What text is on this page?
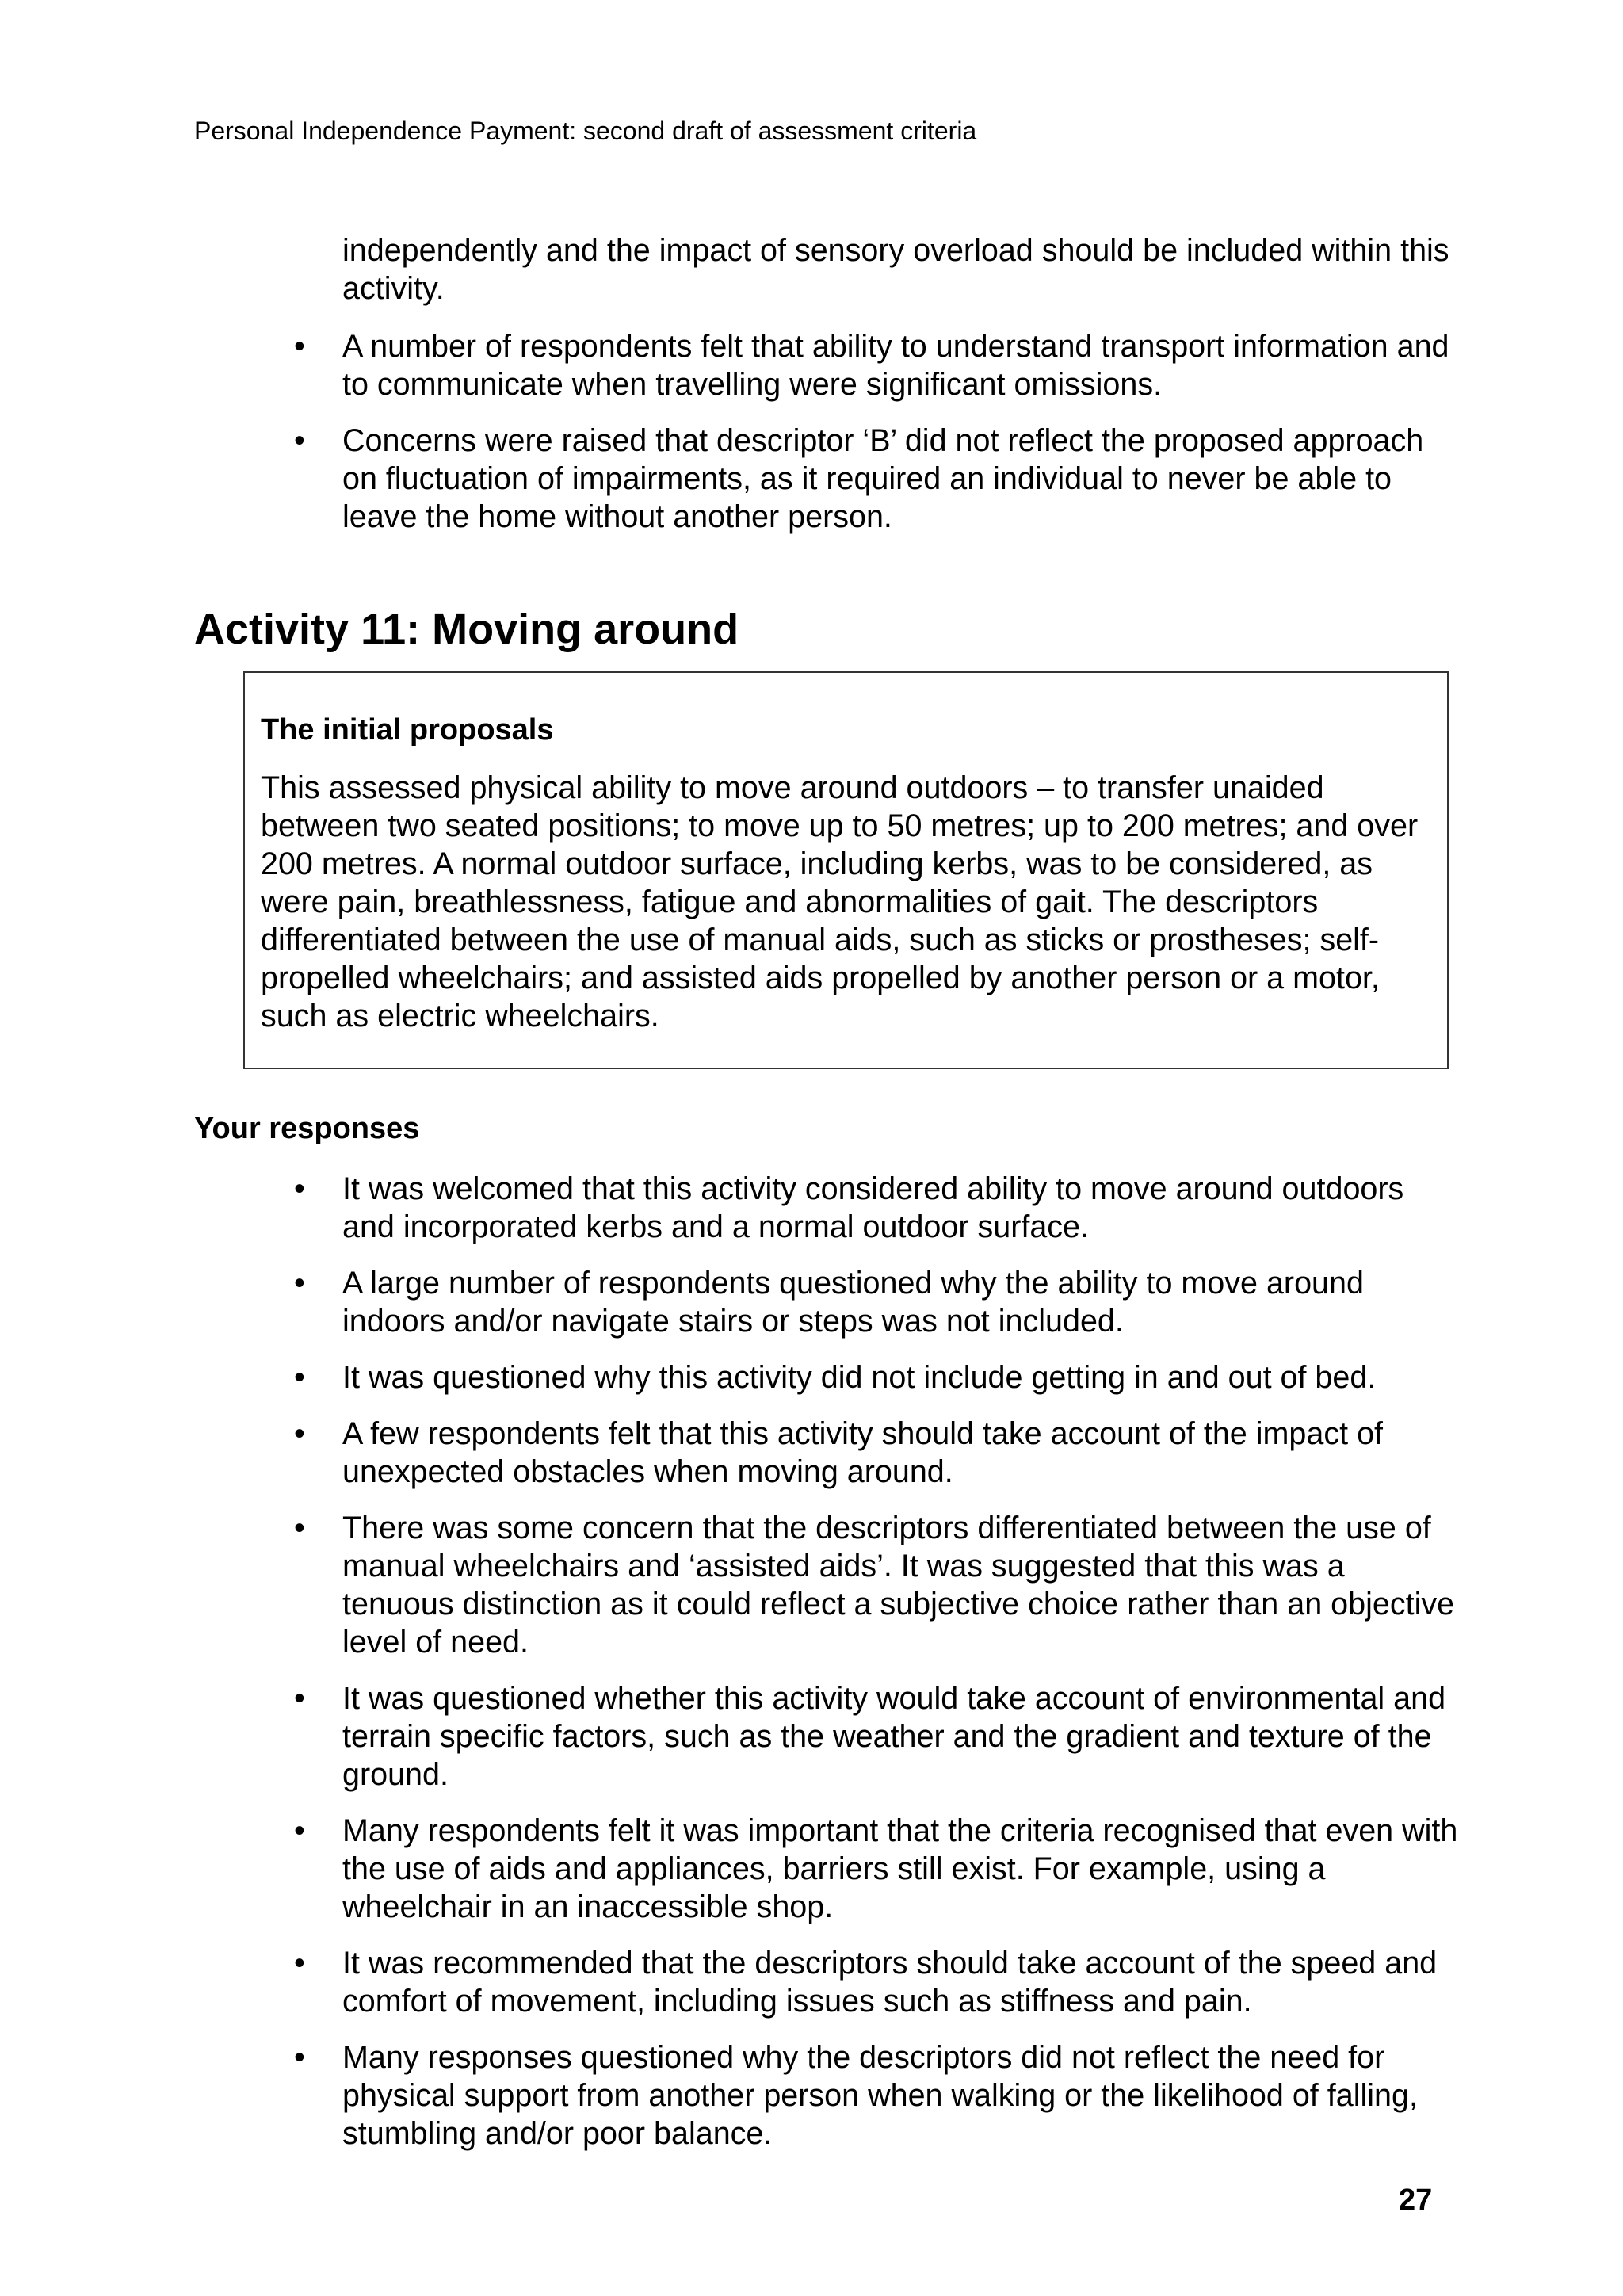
Personal Independence Payment: second draft of assessment criteria
independently and the impact of sensory overload should be included within this activity.
• A number of respondents felt that ability to understand transport information and to communicate when travelling were significant omissions.
• Concerns were raised that descriptor ‘B’ did not reflect the proposed approach on fluctuation of impairments, as it required an individual to never be able to leave the home without another person.
Activity 11: Moving around
The initial proposals
This assessed physical ability to move around outdoors – to transfer unaided between two seated positions; to move up to 50 metres; up to 200 metres; and over 200 metres. A normal outdoor surface, including kerbs, was to be considered, as were pain, breathlessness, fatigue and abnormalities of gait. The descriptors differentiated between the use of manual aids, such as sticks or prostheses; self-propelled wheelchairs; and assisted aids propelled by another person or a motor, such as electric wheelchairs.
Your responses
• It was welcomed that this activity considered ability to move around outdoors and incorporated kerbs and a normal outdoor surface.
• A large number of respondents questioned why the ability to move around indoors and/or navigate stairs or steps was not included.
• It was questioned why this activity did not include getting in and out of bed.
• A few respondents felt that this activity should take account of the impact of unexpected obstacles when moving around.
• There was some concern that the descriptors differentiated between the use of manual wheelchairs and ‘assisted aids’. It was suggested that this was a tenuous distinction as it could reflect a subjective choice rather than an objective level of need.
• It was questioned whether this activity would take account of environmental and terrain specific factors, such as the weather and the gradient and texture of the ground.
• Many respondents felt it was important that the criteria recognised that even with the use of aids and appliances, barriers still exist. For example, using a wheelchair in an inaccessible shop.
• It was recommended that the descriptors should take account of the speed and comfort of movement, including issues such as stiffness and pain.
• Many responses questioned why the descriptors did not reflect the need for physical support from another person when walking or the likelihood of falling, stumbling and/or poor balance.
27
